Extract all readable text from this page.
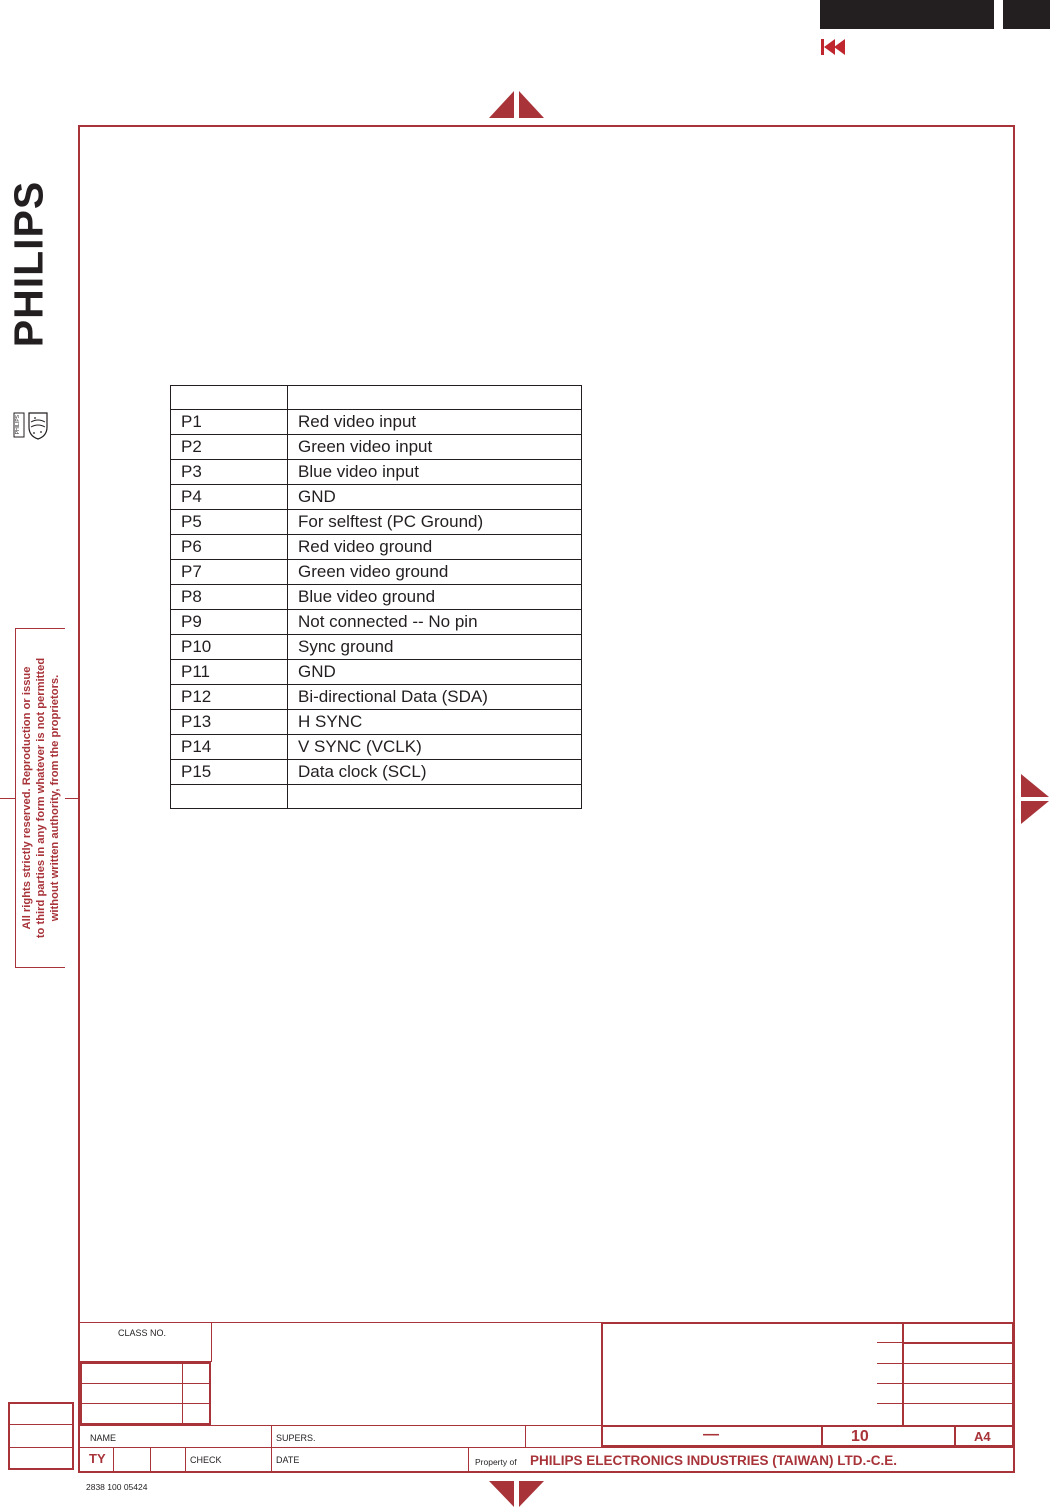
PHILIPS
PHILIPS
All rights strictly reserved. Reproduction or issue to third parties in any form whatever is not permitted without written authority, from the proprietors.

P1	Red video input
P2	Green video input
P3	Blue video input
P4	GND
P5	For selftest (PC Ground)
P6	Red video ground
P7	Green video ground
P8	Blue video ground
P9	Not connected -- No pin
P10	Sync ground
P11	GND
P12	Bi-directional Data (SDA)
P13	H SYNC
P14	V SYNC (VCLK)
P15	Data clock (SCL)

CLASS NO.
NAME	SUPERS.	—	10	A4
TY	CHECK	DATE	Property of PHILIPS ELECTRONICS INDUSTRIES (TAIWAN) LTD.-C.E.
2838 100 05424
